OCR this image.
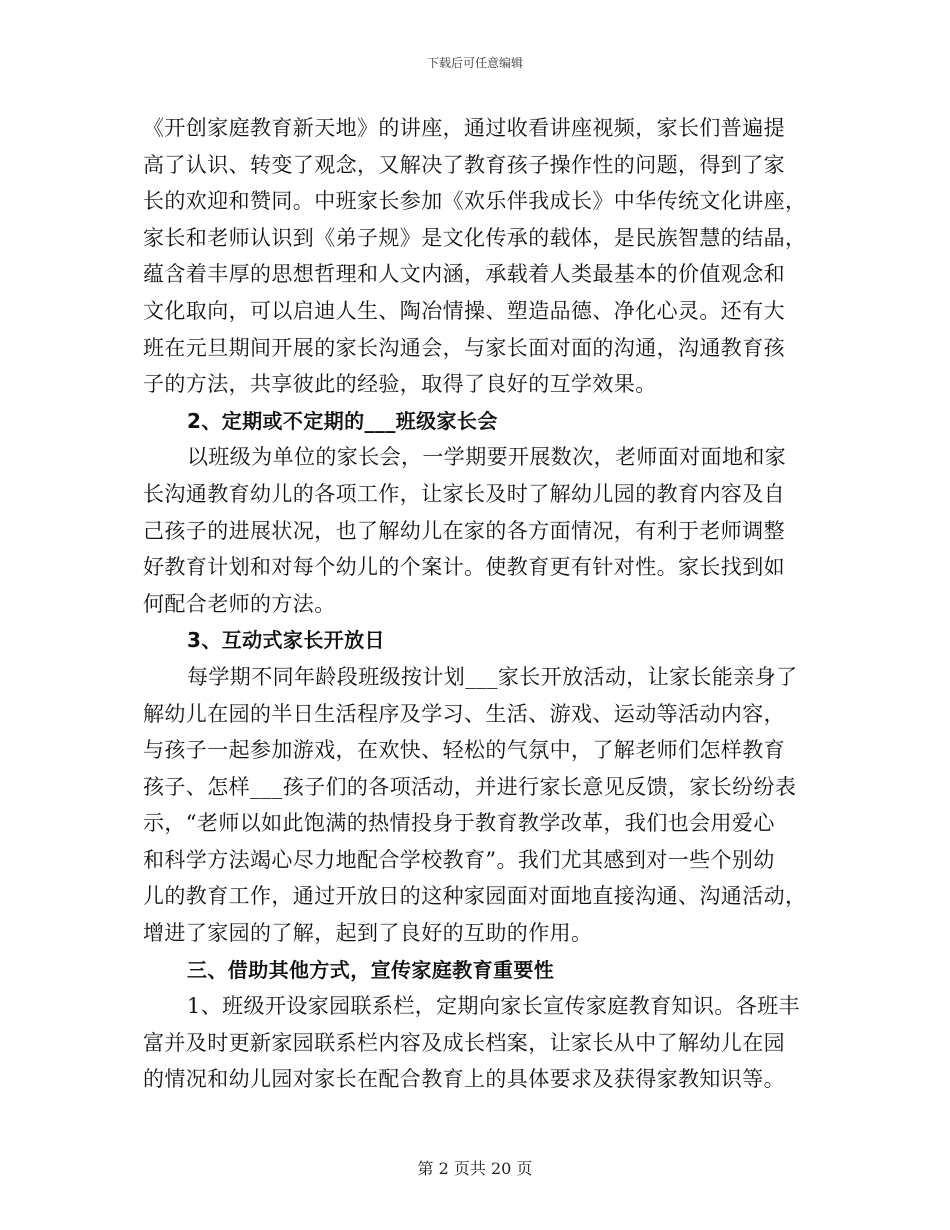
下载后可任意编辑
《开创家庭教育新天地》的讲座，通过收看讲座视频，家长们普遍提
高了认识、转变了观念，又解决了教育孩子操作性的问题，得到了家
长的欢迎和赞同。中班家长参加《欢乐伴我成长》中华传统文化讲座，
家长和老师认识到《弟子规》是文化传承的载体，是民族智慧的结晶，
蕴含着丰厚的思想哲理和人文内涵，承载着人类最基本的价值观念和
文化取向，可以启迪人生、陶冶情操、塑造品德、净化心灵。还有大
班在元旦期间开展的家长沟通会，与家长面对面的沟通，沟通教育孩
子的方法，共享彼此的经验，取得了良好的互学效果。
2、定期或不定期的___班级家长会
以班级为单位的家长会，一学期要开展数次，老师面对面地和家
长沟通教育幼儿的各项工作，让家长及时了解幼儿园的教育内容及自
己孩子的进展状况，也了解幼儿在家的各方面情况，有利于老师调整
好教育计划和对每个幼儿的个案计。使教育更有针对性。家长找到如
何配合老师的方法。
3、互动式家长开放日
每学期不同年龄段班级按计划___家长开放活动，让家长能亲身了
解幼儿在园的半日生活程序及学习、生活、游戏、运动等活动内容，
与孩子一起参加游戏，在欢快、轻松的气氛中，了解老师们怎样教育
孩子、怎样___孩子们的各项活动，并进行家长意见反馈，家长纷纷表
示，“老师以如此饱满的热情投身于教育教学改革，我们也会用爱心
和科学方法竭心尽力地配合学校教育”。我们尤其感到对一些个别幼
儿的教育工作，通过开放日的这种家园面对面地直接沟通、沟通活动，
增进了家园的了解，起到了良好的互助的作用。
三、借助其他方式，宣传家庭教育重要性
1、班级开设家园联系栏，定期向家长宣传家庭教育知识。各班丰
富并及时更新家园联系栏内容及成长档案，让家长从中了解幼儿在园
的情况和幼儿园对家长在配合教育上的具体要求及获得家教知识等。
第 2 页共 20 页
